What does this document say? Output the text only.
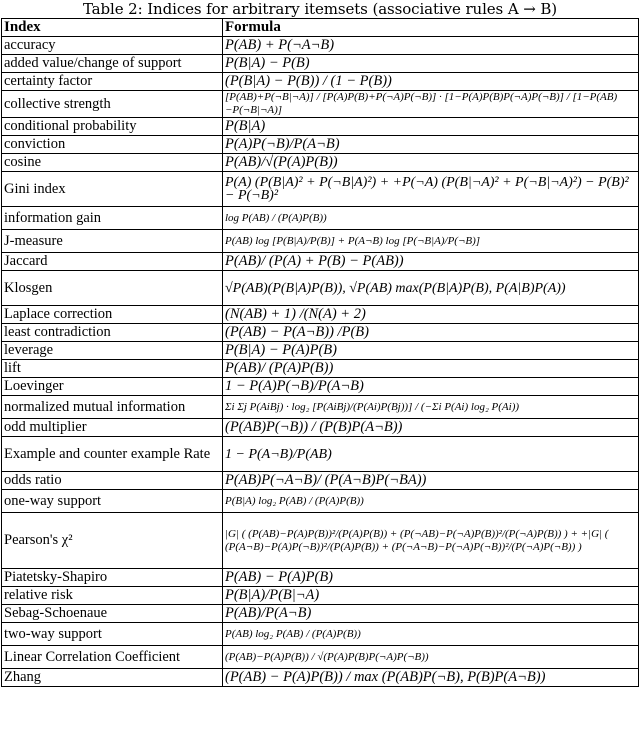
Table 2: Indices for arbitrary itemsets (associative rules A → B)
Index	Formula
accuracy	P(AB) + P(¬A¬B)
added value/change of support	P(B|A) − P(B)
certainty factor	(P(B|A) − P(B)) / (1 − P(B))
collective strength	[P(AB)+P(¬B|¬A)] / [P(A)P(B)+P(¬A)P(¬B)] · [1−P(A)P(B)P(¬A)P(¬B)] / [1−P(AB)−P(¬B|¬A)]
conditional probability	P(B|A)
conviction	P(A)P(¬B)/P(A¬B)
cosine	P(AB)/√(P(A)P(B))
Gini index	P(A) (P(B|A)² + P(¬B|A)²) + +P(¬A) (P(B|¬A)² + P(¬B|¬A)²) − P(B)² − P(¬B)²
information gain	log P(AB) / (P(A)P(B))
J-measure	P(AB) log [P(B|A)/P(B)] + P(A¬B) log [P(¬B|A)/P(¬B)]
Jaccard	P(AB)/ (P(A) + P(B) − P(AB))
Klosgen	√P(AB)(P(B|A)P(B)), √P(AB) max(P(B|A)P(B), P(A|B)P(A))
Laplace correction	(N(AB) + 1) /(N(A) + 2)
least contradiction	(P(AB) − P(A¬B)) /P(B)
leverage	P(B|A) − P(A)P(B)
lift	P(AB)/ (P(A)P(B))
Loevinger	1 − P(A)P(¬B)/P(A¬B)
normalized mutual information	Σi Σj P(AiBj) · log₂ [P(AiBj)/(P(Ai)P(Bj))] / (−Σi P(Ai) log₂ P(Ai))
odd multiplier	(P(AB)P(¬B)) / (P(B)P(A¬B))
Example and counter example Rate	1 − P(A¬B)/P(AB)
odds ratio	P(AB)P(¬A¬B)/ (P(A¬B)P(¬BA))
one-way support	P(B|A) log₂ P(AB) / (P(A)P(B))
Pearson's χ²	|G| ( (P(AB)−P(A)P(B))²/(P(A)P(B)) + (P(¬AB)−P(¬A)P(B))²/(P(¬A)P(B)) ) + +|G| ( (P(A¬B)−P(A)P(¬B))²/(P(A)P(B)) + (P(¬A¬B)−P(¬A)P(¬B))²/(P(¬A)P(¬B)) )
Piatetsky-Shapiro	P(AB) − P(A)P(B)
relative risk	P(B|A)/P(B|¬A)
Sebag-Schoenaue	P(AB)/P(A¬B)
two-way support	P(AB) log₂ P(AB) / (P(A)P(B))
Linear Correlation Coefficient	(P(AB)−P(A)P(B)) / √(P(A)P(B)P(¬A)P(¬B))
Zhang	(P(AB) − P(A)P(B)) / max (P(AB)P(¬B), P(B)P(A¬B))
